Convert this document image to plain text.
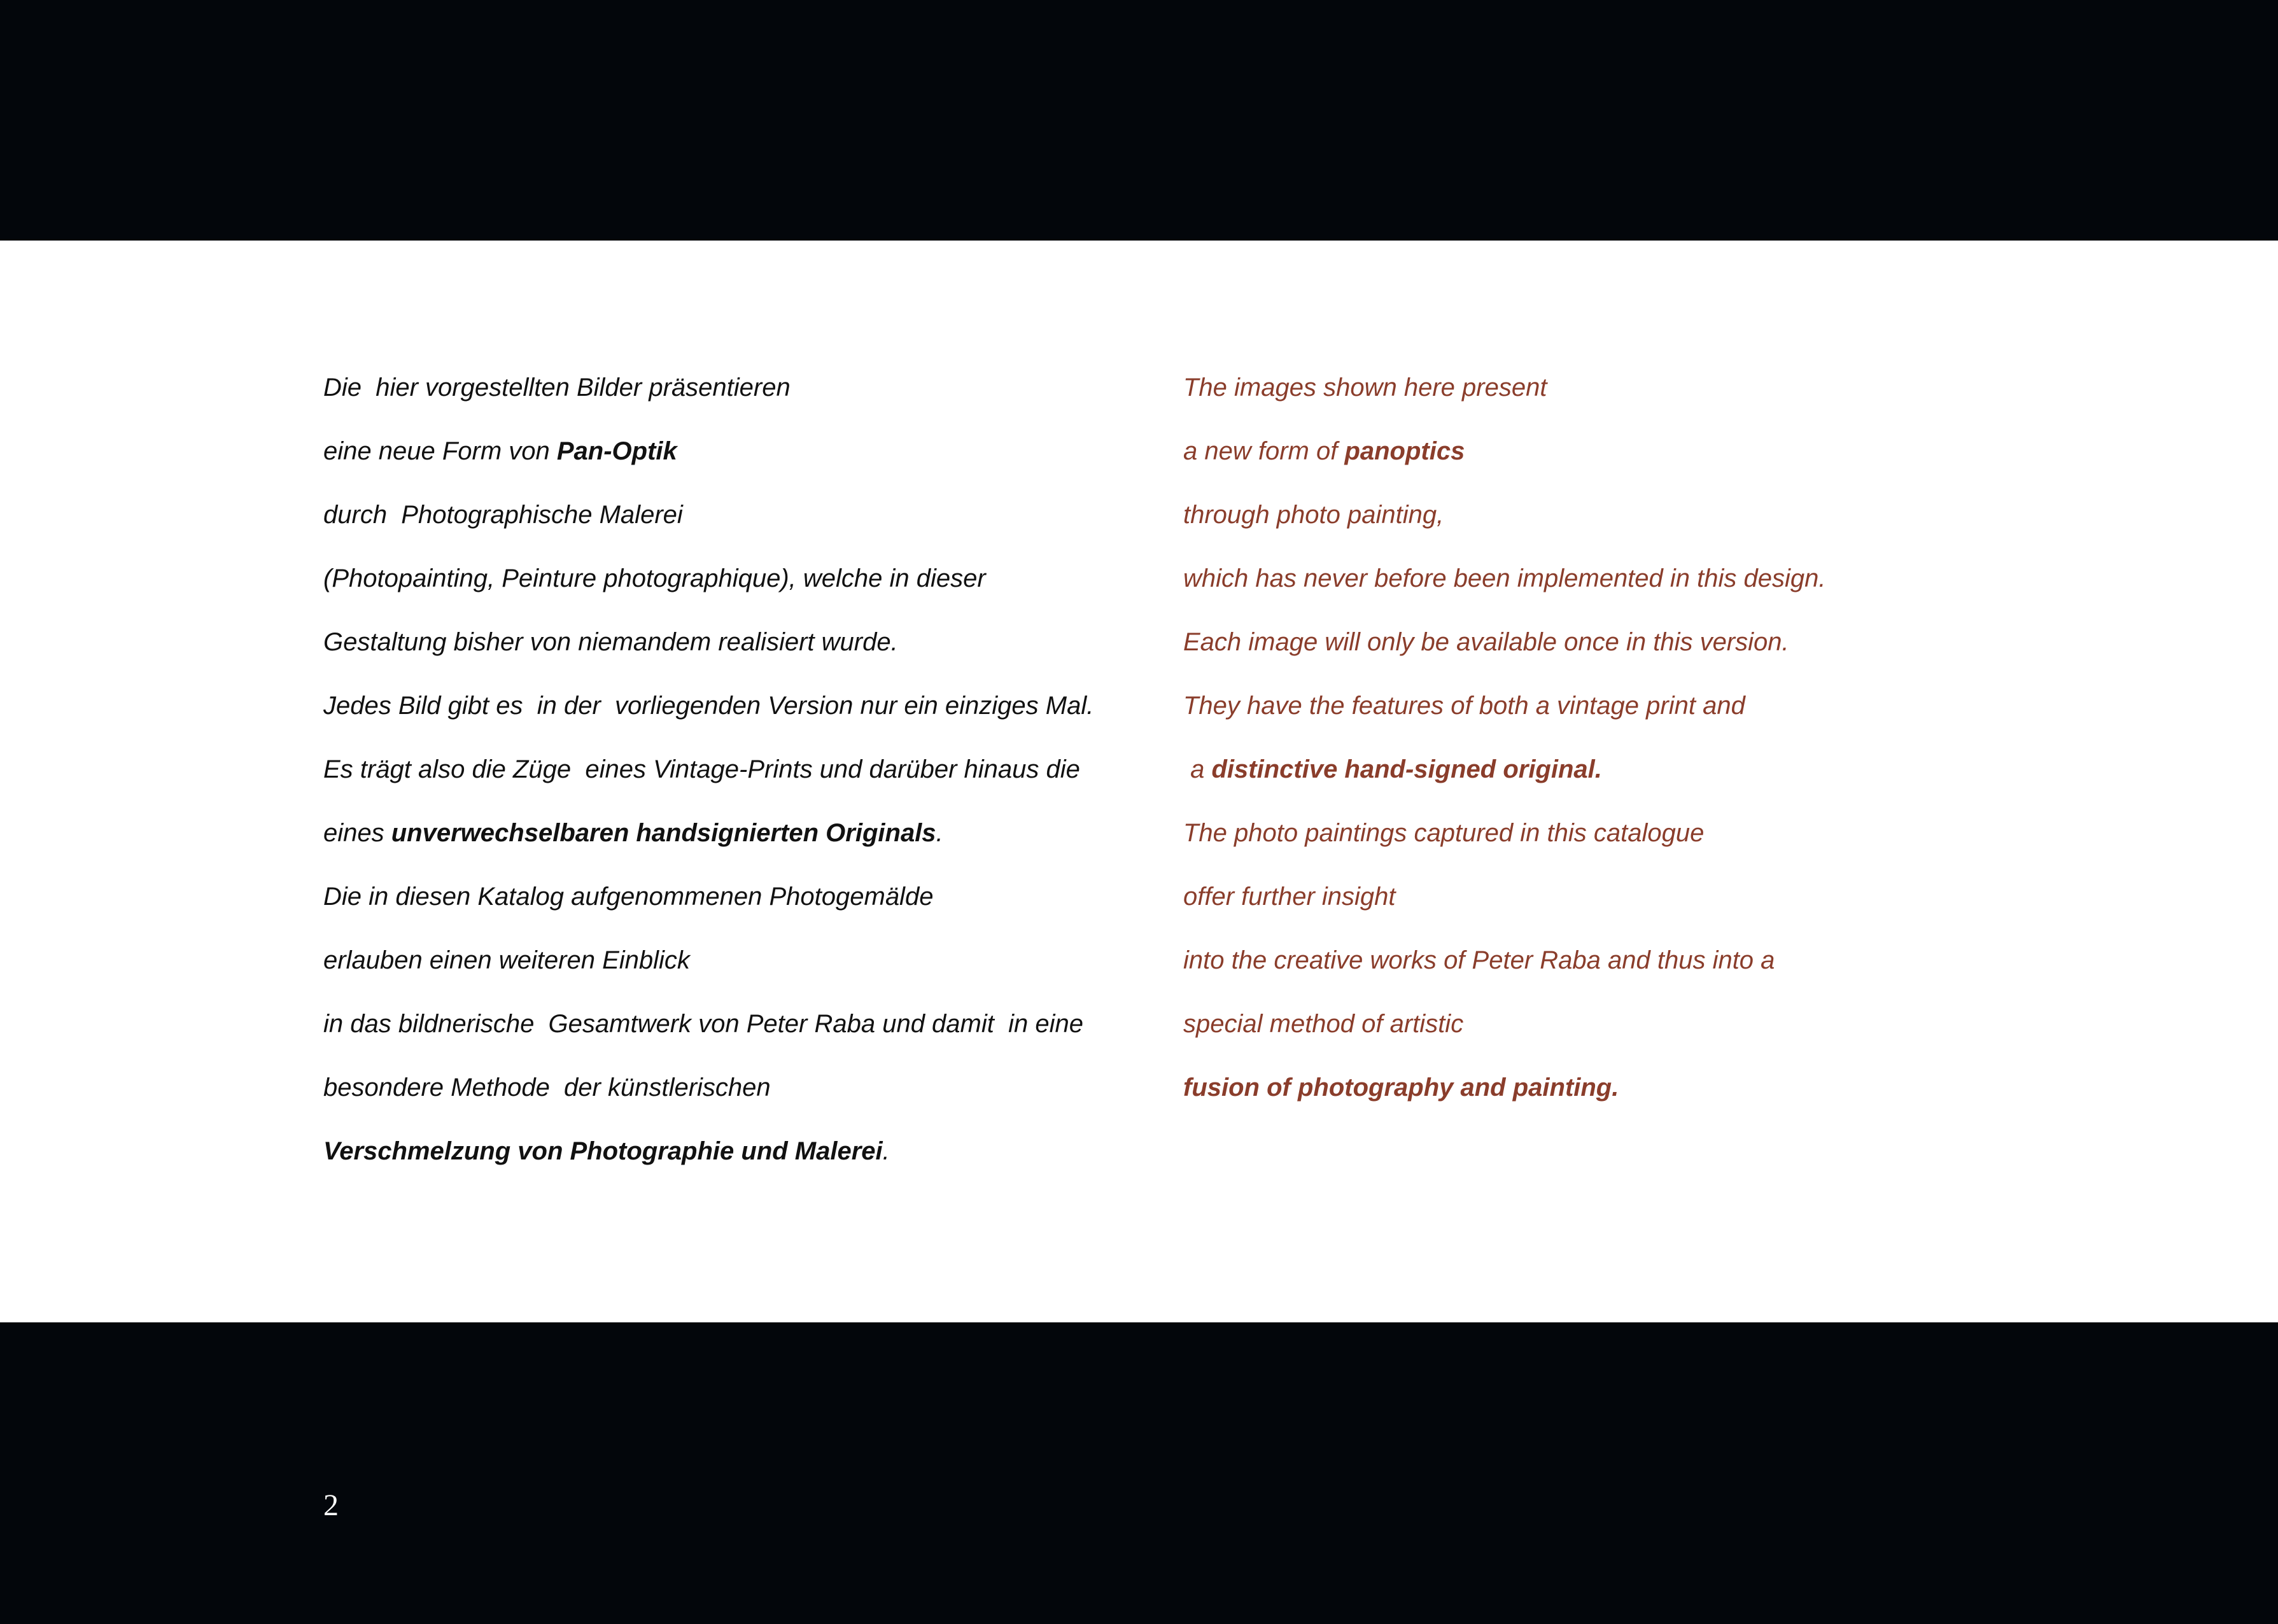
Die  hier vorgestellten Bilder präsentieren
eine neue Form von Pan-Optik
durch  Photographische Malerei
(Photopainting, Peinture photographique), welche in dieser
Gestaltung bisher von niemandem realisiert wurde.
Jedes Bild gibt es  in der  vorliegenden Version nur ein einziges Mal.
Es trägt also die Züge  eines Vintage-Prints und darüber hinaus die
eines unverwechselbaren handsignierten Originals.
Die in diesen Katalog aufgenommenen Photogemälde
erlauben einen weiteren Einblick
in das bildnerische  Gesamtwerk von Peter Raba und damit  in eine
besondere Methode  der künstlerischen
Verschmelzung von Photographie und Malerei.
The images shown here present
a new form of panoptics
through photo painting,
which has never before been implemented in this design.
Each image will only be available once in this version.
They have the features of both a vintage print and
a distinctive hand-signed original.
The photo paintings captured in this catalogue
offer further insight
into the creative works of Peter Raba and thus into a
special method of artistic
fusion of photography and painting.
2
